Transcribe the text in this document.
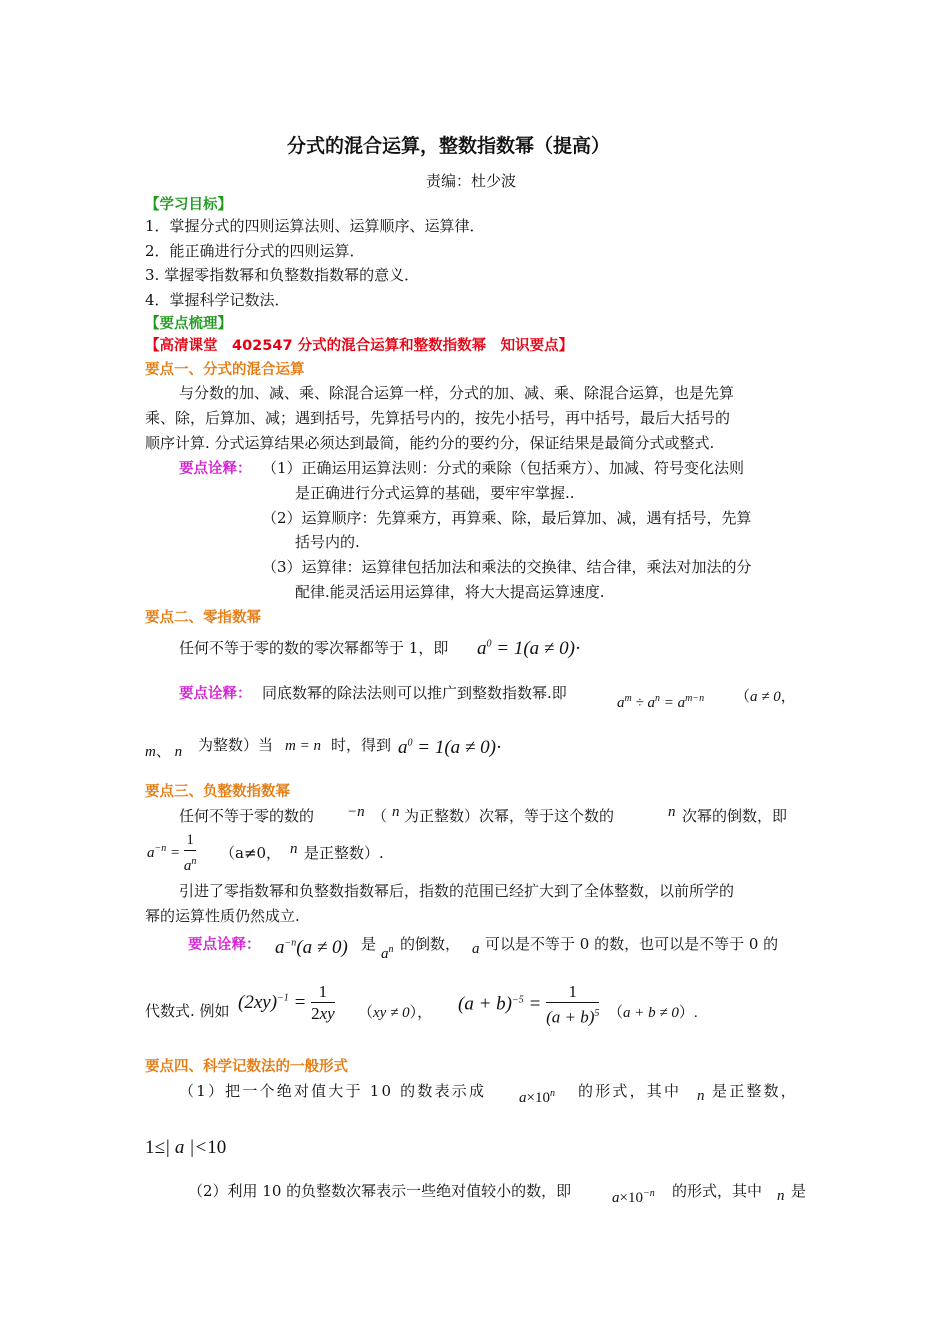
分式的混合运算，整数指数幂（提高）
责编：杜少波
【学习目标】
1．掌握分式的四则运算法则、运算顺序、运算律．
2．能正确进行分式的四则运算．
3. 掌握零指数幂和负整数指数幂的意义．
4．掌握科学记数法．
【要点梳理】
【高清课堂　402547 分式的混合运算和整数指数幂　知识要点】
要点一、分式的混合运算
与分数的加、减、乘、除混合运算一样，分式的加、减、乘、除混合运算，也是先算
乘、除，后算加、减；遇到括号，先算括号内的，按先小括号，再中括号，最后大括号的
顺序计算. 分式运算结果必须达到最简，能约分的要约分，保证结果是最简分式或整式.
要点诠释： （1）正确运用运算法则：分式的乘除（包括乘方）、加减、符号变化法则
是正确进行分式运算的基础，要牢牢掌握..
（2）运算顺序：先算乘方，再算乘、除，最后算加、减，遇有括号，先算
括号内的.
（3）运算律：运算律包括加法和乘法的交换律、结合律，乘法对加法的分
配律.能灵活运用运算律，将大大提高运算速度.
要点二、零指数幂
任何不等于零的数的零次幂都等于 1，即 $a^0 = 1(a \ne 0)\cdot$
要点诠释： 同底数幂的除法法则可以推广到整数指数幂.即
$a^m \div a^n = a^{m-n}$ （a ≠ 0，
m、 n 为整数）当 m = n 时，得到 $a^0 = 1(a \ne 0)\cdot$
要点三、负整数指数幂
任何不等于零的数的 −n （ n 为正整数）次幂，等于这个数的	n 次幂的倒数，即
$a^{-n} = \frac{1}{a^n} (a\ne 0$， n 是正整数）.
引进了零指数幂和负整数指数幂后，指数的范围已经扩大到了全体整数，以前所学的
幂的运算性质仍然成立.
要点诠释： $a^{-n}(a \ne 0)$ 是
$a^n$ 的倒数， a 可以是不等于 0 的数，也可以是不等于 0 的
代数式. 例如 $(2xy)^{-1} = \frac{1}{2xy} (xy \ne 0)$， $(a + b)^{-5} = \frac{1}{(a + b)^5} (a + b \ne 0)$.
要点四、科学记数法的一般形式
（1）把一个绝对值大于 10 的数表示成 $a\times 10^n$ 的形式，其中 n 是正整数，
1≤| a |<10
（2）利用 10 的负整数次幂表示一些绝对值较小的数，即	$a\times 10^{-n}$ 的形式，其中 n 是
